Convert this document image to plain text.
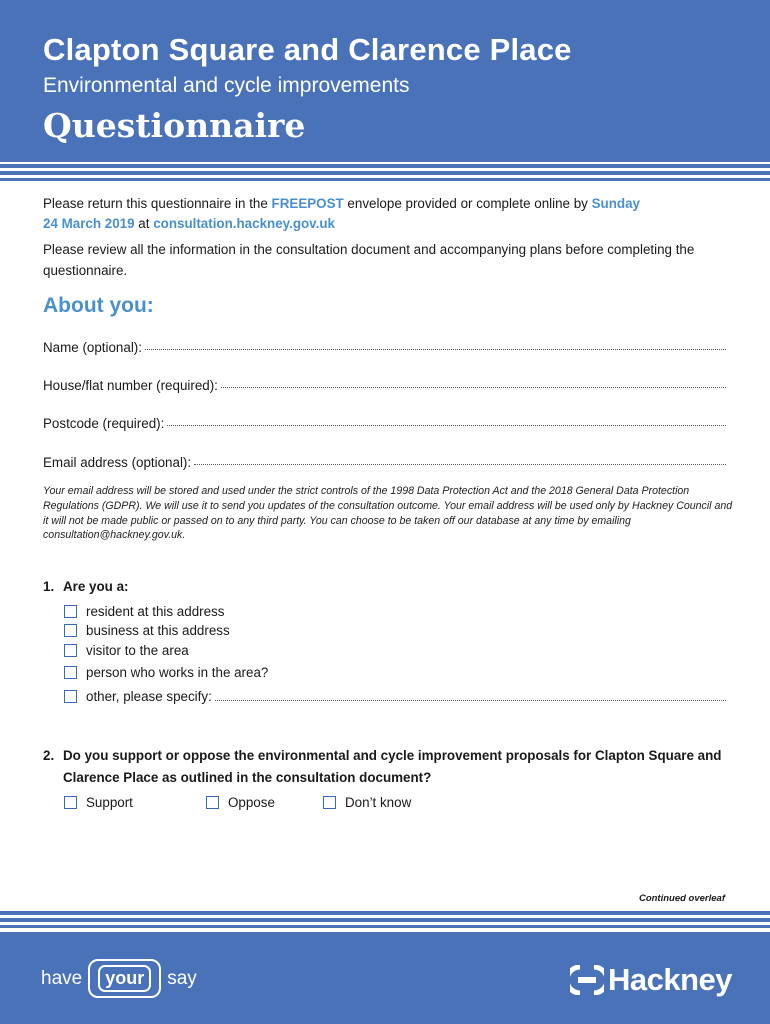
Clapton Square and Clarence Place
Environmental and cycle improvements
Questionnaire
Please return this questionnaire in the FREEPOST envelope provided or complete online by Sunday
24 March 2019 at consultation.hackney.gov.uk
Please review all the information in the consultation document and accompanying plans before completing the questionnaire.
About you:
Name (optional):
House/flat number (required):
Postcode (required):
Email address (optional):
Your email address will be stored and used under the strict controls of the 1998 Data Protection Act and the 2018 General Data Protection Regulations (GDPR). We will use it to send you updates of the consultation outcome. Your email address will be used only by Hackney Council and it will not be made public or passed on to any third party. You can choose to be taken off our database at any time by emailing consultation@hackney.gov.uk.
1. Are you a:
resident at this address
business at this address
visitor to the area
person who works in the area?
other, please specify:
2. Do you support or oppose the environmental and cycle improvement proposals for Clapton Square and Clarence Place as outlined in the consultation document?
Support	Oppose	Don’t know
Continued overleaf
have	your	say	Hackney
